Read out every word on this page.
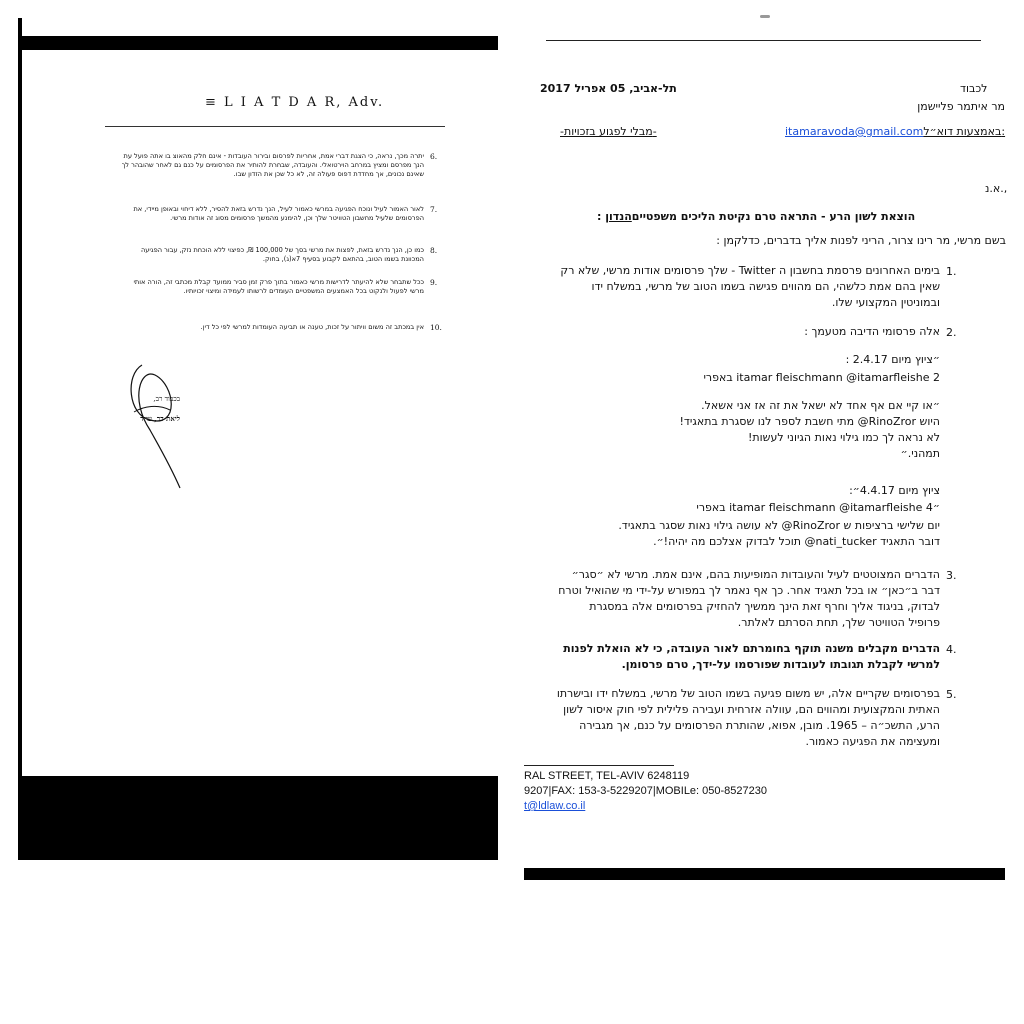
≡ L I A T D A R, Adv.
6.
יתרה מכך, נראה, כי הצגת דברי אמת, אחריות לפרסום ובירור העובדות - אינם חלק מהאוצ בו אתה פועל עת הנך מפרסם ומציץ במרחב הוירטואלי. והעובדה, שבחרת להותיר את הפרסומים על כנם גם לאחר שהובהר לך שאינם נכונים, אך מחדדת דפוס פעולה זה, לא כל שכן את הזדון שבו.
7.
לאור האמור לעיל ונוכח הפגיעה במרשי כאמור לעיל, הנך נדרש בזאת להסיר, ללא דיחוי ובאופן מיידי, את הפרסומים שלעיל מחשבון הטוויטר שלך וכן, להימנע מהמשך פרסומים מסוג זה אודות מרשי.
8.
כמו כן, הנך נדרש בזאת, לפצות את מרשי בסך של 100,000 ₪, כפיצוי ללא הוכחת נזק, עבור הפגיעה המכוונת בשמו הטוב, בהתאם לקבוע בסעיף 7א(ג), בחוק.
9.
ככל שתבחר שלא להיעתר לדרישות מרשי כאמור בתוך פרק זמן סביר ממועד קבלת מכתבי זה, הורה אותי מרשי לפעול ולנקוט בכל האמצעים המשפטיים העומדים לרשותו לעמידה ומיצוי זכויותיו.
10.
אין במכתב זה משום וויתור על זכות, טענה או תביעה העומדות למרשי לפי כל דין.
בכבוד רב,
ליאת דר, עו״ד
תל-אביב, 05 אפריל 2017	לכבוד
מר איתמר פליישמן
-מבלי לפגוע בזכויות-	itamaravoda@gmail.comבאמצעות דוא״ל:
א.נ.,
: הוצאת לשון הרע - התראה טרם נקיטת הליכים משפטייםהנדון
בשם מרשי, מר רינו צרור, הריני לפנות אליך בדברים, כדלקמן :
1.
בימים האחרונים פרסמת בחשבון ה Twitter - שלך פרסומים אודות מרשי, שלא רק שאין בהם אמת כלשהי, הם מהווים פגישה בשמו הטוב של מרשי, במשלח ידו ובמוניטין המקצועי שלו.
2.
אלה פרסומי הדיבה מטעמך :
״ציוץ מיום 2.4.17 :
itamar fleischmann @itamarfleishe 2 באפרי
״או קיי אם אף אחד לא ישאל את זה אז אני אשאל.
היוש RinoZror@ מתי חשבת לספר לנו שסגרת בתאגיד!
לא נראה לך כמו גילוי נאות הגיוני לעשות!
תמהני.״
ציוץ מיום 4.4.17״:
״itamar fleischmann @itamarfleishe 4 באפרי
יום שלישי ברציפות ש RinoZror@ לא עושה גילוי נאות שסגר בתאגיד.
דובר התאגיד nati_tucker@ תוכל לבדוק אצלכם מה יהיה!״.
3.
הדברים המצוטטים לעיל והעובדות המופיעות בהם, אינם אמת. מרשי לא ״סגר״ דבר ב״כאן״ או בכל תאגיד אחר. כך אף נאמר לך במפורש על-ידי מי שהואיל וטרח לבדוק, בניגוד אליך וחרף זאת הינך ממשיך להחזיק בפרסומים אלה במסגרת פרופיל הטוויטר שלך, תחת הסרתם לאלתר.
4.
הדברים מקבלים משנה תוקף בחומרתם לאור העובדה, כי לא הואלת לפנות למרשי לקבלת תגובתו לעובדות שפורסמו על-ידך, טרם פרסומן.
5.
בפרסומים שקריים אלה, יש משום פגיעה בשמו הטוב של מרשי, במשלח ידו ובישרתו האתית והמקצועית ומהווים הם, עוולה אזרחית ועבירה פלילית לפי חוק איסור לשון הרע, התשכ״ה – 1965. מובן, אפוא, שהותרת הפרסומים על כנם, אך מגבירה ומעצימה את הפגיעה כאמור.
RAL STREET, TEL-AVIV 6248119
9207|FAX: 153-3-5229207|MOBILe: 050-8527230
t@ldlaw.co.il
